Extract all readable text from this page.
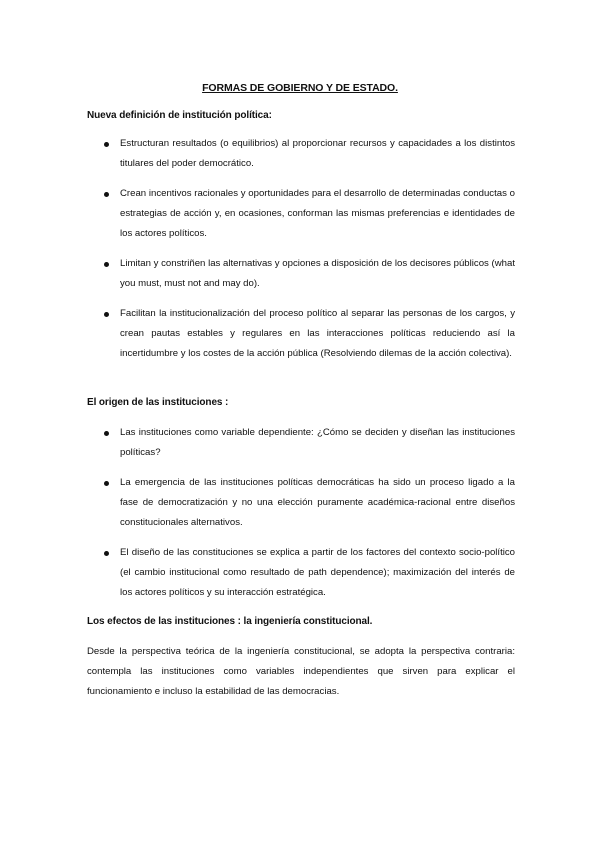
FORMAS DE GOBIERNO Y DE ESTADO.
Nueva definición de institución política:
Estructuran resultados (o equilibrios) al proporcionar recursos y capacidades a los distintos titulares del poder democrático.
Crean incentivos racionales y oportunidades para el desarrollo de determinadas conductas o estrategias de acción y, en ocasiones, conforman las mismas preferencias e identidades de los actores políticos.
Limitan y constriñen las alternativas y opciones a disposición de los decisores públicos (what you must, must not and may do).
Facilitan la institucionalización del proceso político al separar las personas de los cargos, y crean pautas estables y regulares en las interacciones políticas reduciendo así la incertidumbre y los costes de la acción pública (Resolviendo dilemas de la acción colectiva).
El origen de las instituciones :
Las instituciones como variable dependiente: ¿Cómo se deciden y diseñan las instituciones políticas?
La emergencia de las instituciones políticas democráticas ha sido un proceso ligado a la fase de democratización y no una elección puramente académica-racional entre diseños constitucionales alternativos.
El diseño de las constituciones se explica a partir de los factores del contexto socio-político (el cambio institucional como resultado de path dependence); maximización del interés de los actores políticos y su interacción estratégica.
Los efectos de las instituciones : la ingeniería constitucional.

Desde la perspectiva teórica de la ingeniería constitucional, se adopta la perspectiva contraria: contempla las instituciones como variables independientes que sirven para explicar el funcionamiento e incluso la estabilidad de las democracias.
